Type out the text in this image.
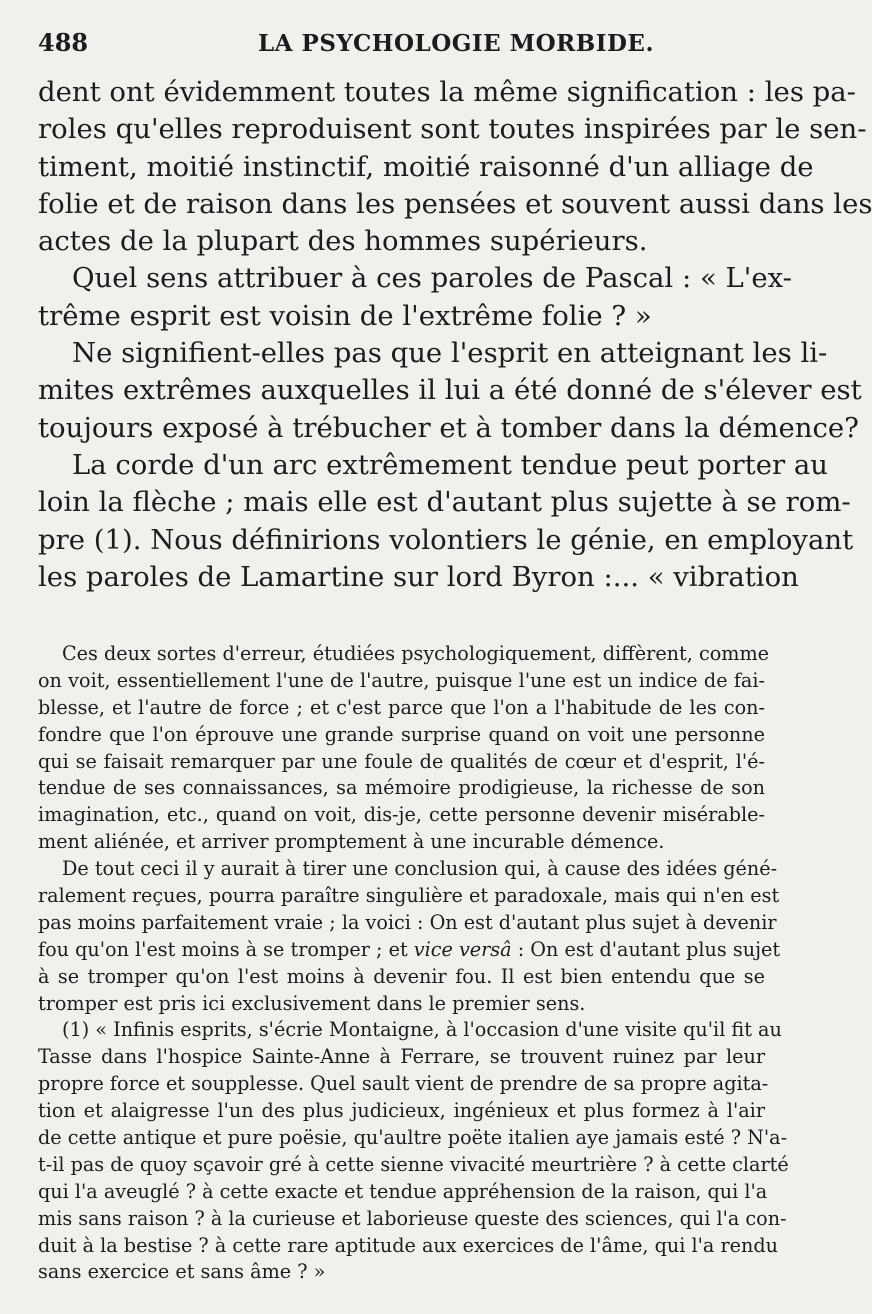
488	LA PSYCHOLOGIE MORBIDE.
dent ont évidemment toutes la même signification : les pa-
roles qu'elles reproduisent sont toutes inspirées par le sen-
timent, moitié instinctif, moitié raisonné d'un alliage de
folie et de raison dans les pensées et souvent aussi dans les
actes de la plupart des hommes supérieurs.
Quel sens attribuer à ces paroles de Pascal : « L'ex-
trême esprit est voisin de l'extrême folie ? »
Ne signifient-elles pas que l'esprit en atteignant les li-
mites extrêmes auxquelles il lui a été donné de s'élever est
toujours exposé à trébucher et à tomber dans la démence?
La corde d'un arc extrêmement tendue peut porter au
loin la flèche ; mais elle est d'autant plus sujette à se rom-
pre (1). Nous définirions volontiers le génie, en employant
les paroles de Lamartine sur lord Byron :... « vibration
Ces deux sortes d'erreur, étudiées psychologiquement, diffèrent, comme
on voit, essentiellement l'une de l'autre, puisque l'une est un indice de fai-
blesse, et l'autre de force ; et c'est parce que l'on a l'habitude de les con-
fondre que l'on éprouve une grande surprise quand on voit une personne
qui se faisait remarquer par une foule de qualités de cœur et d'esprit, l'é-
tendue de ses connaissances, sa mémoire prodigieuse, la richesse de son
imagination, etc., quand on voit, dis-je, cette personne devenir misérable-
ment aliénée, et arriver promptement à une incurable démence.
De tout ceci il y aurait à tirer une conclusion qui, à cause des idées géné-
ralement reçues, pourra paraître singulière et paradoxale, mais qui n'en est
pas moins parfaitement vraie ; la voici : On est d'autant plus sujet à devenir
fou qu'on l'est moins à se tromper ; et vice versâ : On est d'autant plus sujet
à se tromper qu'on l'est moins à devenir fou. Il est bien entendu que se
tromper est pris ici exclusivement dans le premier sens.
(1) « Infinis esprits, s'écrie Montaigne, à l'occasion d'une visite qu'il fit au
Tasse dans l'hospice Sainte-Anne à Ferrare, se trouvent ruinez par leur
propre force et soupplesse. Quel sault vient de prendre de sa propre agita-
tion et alaigresse l'un des plus judicieux, ingénieux et plus formez à l'air
de cette antique et pure poësie, qu'aultre poëte italien aye jamais esté ? N'a-
t-il pas de quoy sçavoir gré à cette sienne vivacité meurtrière ? à cette clarté
qui l'a aveuglé ? à cette exacte et tendue appréhension de la raison, qui l'a
mis sans raison ? à la curieuse et laborieuse queste des sciences, qui l'a con-
duit à la bestise ? à cette rare aptitude aux exercices de l'âme, qui l'a rendu
sans exercice et sans âme ? »
